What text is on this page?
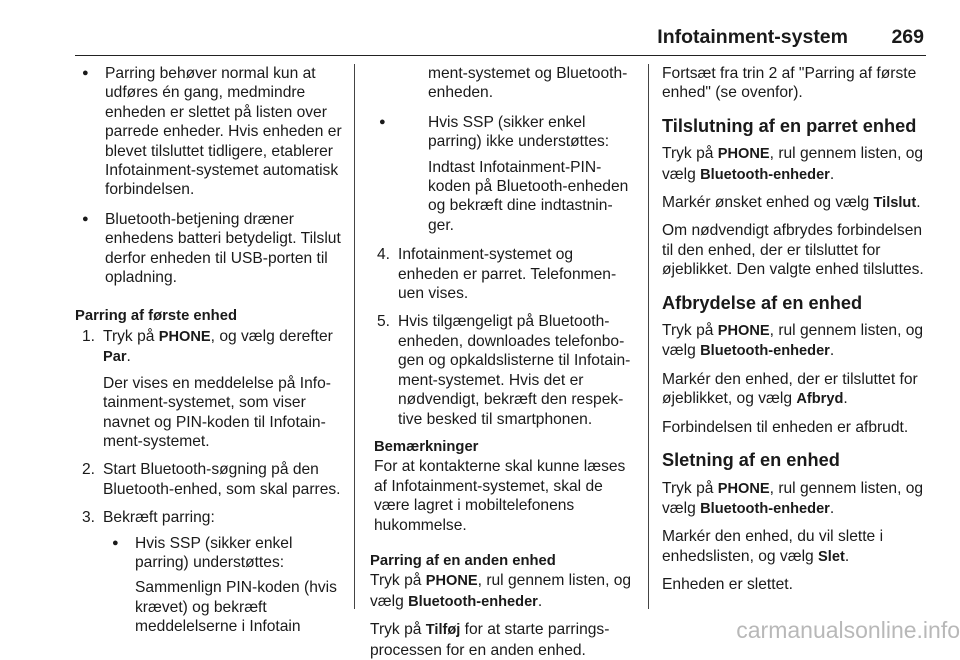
Infotainment-system 269

● Parring behøver normal kun at udføres én gang, medmindre enheden er slettet på listen over parrede enheder. Hvis enheden er blevet tilsluttet tidligere, etablerer Infotainment-systemet automatisk forbindelsen.

● Bluetooth-betjening dræner enhedens batteri betydeligt. Tilslut derfor enheden til USB-porten til opladning.

Parring af første enhed

1. Tryk på PHONE, og vælg derefter Par.

Der vises en meddelelse på Infotainment-systemet, som viser navnet og PIN-koden til Infotainment-systemet.

2. Start Bluetooth-søgning på den Bluetooth-enhed, som skal parres.

3. Bekræft parring:

● Hvis SSP (sikker enkel parring) understøttes:

Sammenlign PIN-koden (hvis krævet) og bekræft meddelelserne i Infotain

ment-systemet og Bluetooth-enheden.

● Hvis SSP (sikker enkel parring) ikke understøttes:

Indtast Infotainment-PIN-koden på Bluetooth-enheden og bekræft dine indtastninger.

4. Infotainment-systemet og enheden er parret. Telefonmenuen vises.

5. Hvis tilgængeligt på Bluetooth-enheden, downloades telefonbogen og opkaldslisterne til Infotainment-systemet. Hvis det er nødvendigt, bekræft den respektive besked til smartphonen.

Bemærkninger

For at kontakterne skal kunne læses af Infotainment-systemet, skal de være lagret i mobiltelefonens hukommelse.

Parring af en anden enhed

Tryk på PHONE, rul gennem listen, og vælg Bluetooth-enheder.

Tryk på Tilføj for at starte parringsprocessen for en anden enhed.

Fortsæt fra trin 2 af "Parring af første enhed" (se ovenfor).

Tilslutning af en parret enhed

Tryk på PHONE, rul gennem listen, og vælg Bluetooth-enheder.

Markér ønsket enhed og vælg Tilslut.

Om nødvendigt afbrydes forbindelsen til den enhed, der er tilsluttet for øjeblikket. Den valgte enhed tilsluttes.

Afbrydelse af en enhed

Tryk på PHONE, rul gennem listen, og vælg Bluetooth-enheder.

Markér den enhed, der er tilsluttet for øjeblikket, og vælg Afbryd.

Forbindelsen til enheden er afbrudt.

Sletning af en enhed

Tryk på PHONE, rul gennem listen, og vælg Bluetooth-enheder.

Markér den enhed, du vil slette i enhedslisten, og vælg Slet.

Enheden er slettet.

carmanualsonline.info
